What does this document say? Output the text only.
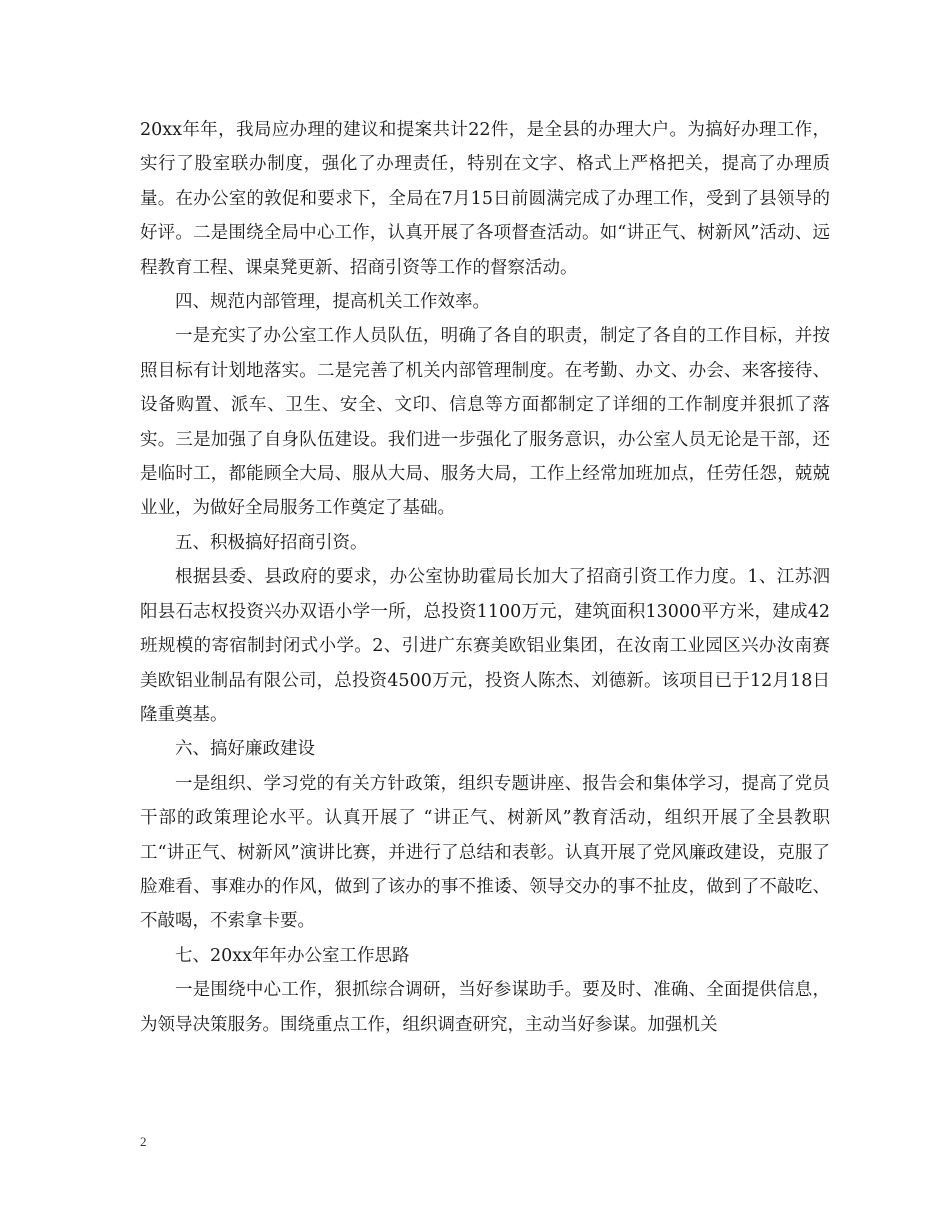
20xx年年，我局应办理的建议和提案共计22件，是全县的办理大户。为搞好办理工作，实行了股室联办制度，强化了办理责任，特别在文字、格式上严格把关，提高了办理质量。在办公室的敦促和要求下，全局在7月15日前圆满完成了办理工作，受到了县领导的好评。二是围绕全局中心工作，认真开展了各项督查活动。如“讲正气、树新风”活动、远程教育工程、课桌凳更新、招商引资等工作的督察活动。

四、规范内部管理，提高机关工作效率。

一是充实了办公室工作人员队伍，明确了各自的职责，制定了各自的工作目标，并按照目标有计划地落实。二是完善了机关内部管理制度。在考勤、办文、办会、来客接待、设备购置、派车、卫生、安全、文印、信息等方面都制定了详细的工作制度并狠抓了落实。三是加强了自身队伍建设。我们进一步强化了服务意识，办公室人员无论是干部，还是临时工，都能顾全大局、服从大局、服务大局，工作上经常加班加点，任劳任怨，兢兢业业，为做好全局服务工作奠定了基础。

五、积极搞好招商引资。

根据县委、县政府的要求，办公室协助霍局长加大了招商引资工作力度。1、江苏泗阳县石志权投资兴办双语小学一所，总投资1100万元，建筑面积13000平方米，建成42班规模的寄宿制封闭式小学。2、引进广东赛美欧铝业集团，在汝南工业园区兴办汝南赛美欧铝业制品有限公司，总投资4500万元，投资人陈杰、刘德新。该项目已于12月18日隆重奠基。

六、搞好廉政建设

一是组织、学习党的有关方针政策，组织专题讲座、报告会和集体学习，提高了党员干部的政策理论水平。认真开展了 “讲正气、树新风”教育活动，组织开展了全县教职工“讲正气、树新风”演讲比赛，并进行了总结和表彰。认真开展了党风廉政建设，克服了脸难看、事难办的作风，做到了该办的事不推诿、领导交办的事不扯皮，做到了不敲吃、不敲喝，不索拿卡要。

七、20xx年年办公室工作思路

一是围绕中心工作，狠抓综合调研，当好参谋助手。要及时、准确、全面提供信息，为领导决策服务。围绕重点工作，组织调查研究，主动当好参谋。加强机关

2
